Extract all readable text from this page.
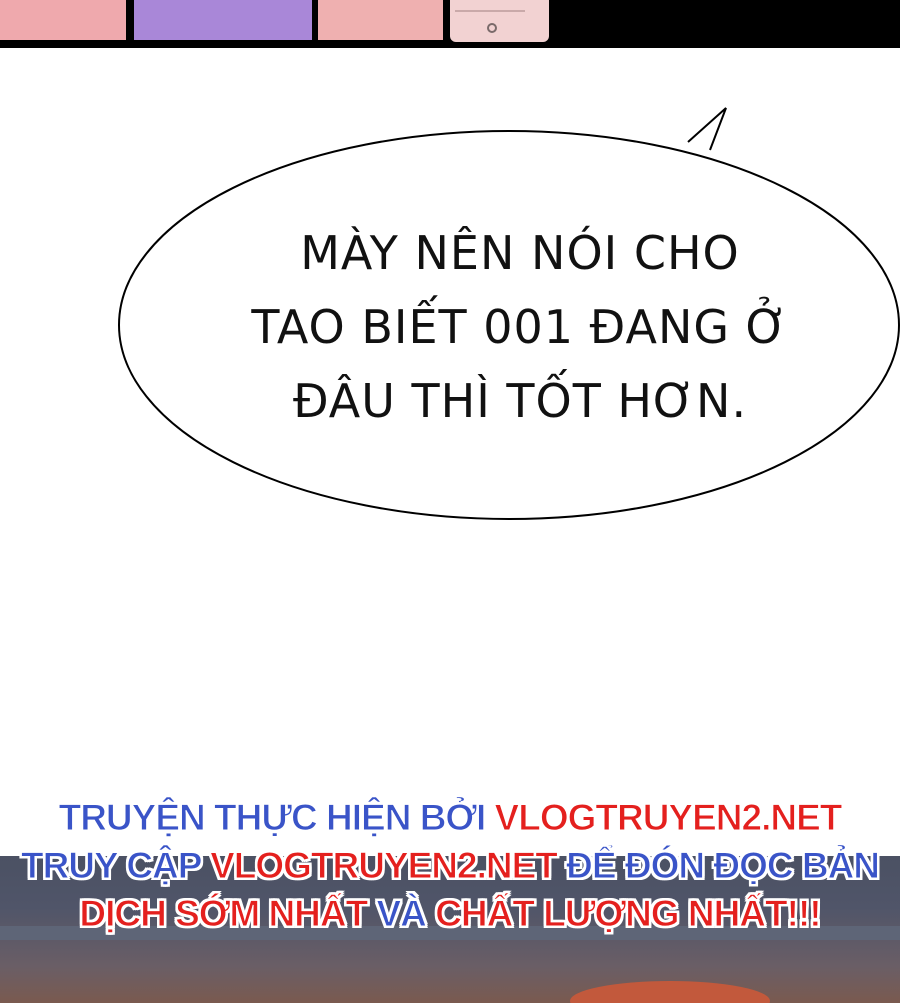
MÀY NÊN NÓI CHO
TAO BIẾT 001 ĐANG Ở
ĐÂU THÌ TỐT HƠN.
TRUYỆN THỰC HIỆN BỞI VLOGTRUYEN2.NET
TRUY CẬP VLOGTRUYEN2.NET ĐỂ ĐÓN ĐỌC BẢN
DỊCH SỚM NHẤT VÀ CHẤT LƯỢNG NHẤT!!!
